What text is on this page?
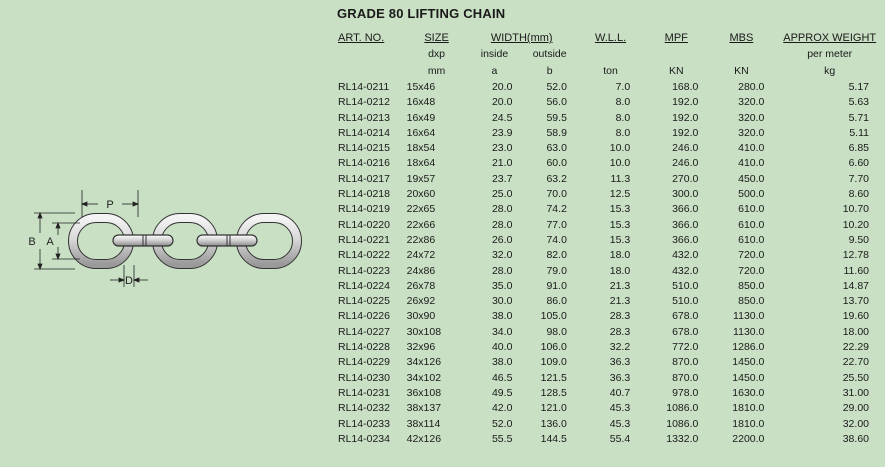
GRADE 80 LIFTING CHAIN
ART. NO.	SIZE	WIDTH(mm)		W.L.L.	MPF	MBS	APPROX WEIGHT
	dxp	inside	outside				per meter
	mm	a	b	ton	KN	KN	kg
RL14-0211	15x46	20.0	52.0	7.0	168.0	280.0	5.17
RL14-0212	16x48	20.0	56.0	8.0	192.0	320.0	5.63
RL14-0213	16x49	24.5	59.5	8.0	192.0	320.0	5.71
RL14-0214	16x64	23.9	58.9	8.0	192.0	320.0	5.11
RL14-0215	18x54	23.0	63.0	10.0	246.0	410.0	6.85
RL14-0216	18x64	21.0	60.0	10.0	246.0	410.0	6.60
RL14-0217	19x57	23.7	63.2	11.3	270.0	450.0	7.70
RL14-0218	20x60	25.0	70.0	12.5	300.0	500.0	8.60
RL14-0219	22x65	28.0	74.2	15.3	366.0	610.0	10.70
RL14-0220	22x66	28.0	77.0	15.3	366.0	610.0	10.20
RL14-0221	22x86	26.0	74.0	15.3	366.0	610.0	9.50
RL14-0222	24x72	32.0	82.0	18.0	432.0	720.0	12.78
RL14-0223	24x86	28.0	79.0	18.0	432.0	720.0	11.60
RL14-0224	26x78	35.0	91.0	21.3	510.0	850.0	14.87
RL14-0225	26x92	30.0	86.0	21.3	510.0	850.0	13.70
RL14-0226	30x90	38.0	105.0	28.3	678.0	1130.0	19.60
RL14-0227	30x108	34.0	98.0	28.3	678.0	1130.0	18.00
RL14-0228	32x96	40.0	106.0	32.2	772.0	1286.0	22.29
RL14-0229	34x126	38.0	109.0	36.3	870.0	1450.0	22.70
RL14-0230	34x102	46.5	121.5	36.3	870.0	1450.0	25.50
RL14-0231	36x108	49.5	128.5	40.7	978.0	1630.0	31.00
RL14-0232	38x137	42.0	121.0	45.3	1086.0	1810.0	29.00
RL14-0233	38x114	52.0	136.0	45.3	1086.0	1810.0	32.00
RL14-0234	42x126	55.5	144.5	55.4	1332.0	2200.0	38.60
P
B A
D
